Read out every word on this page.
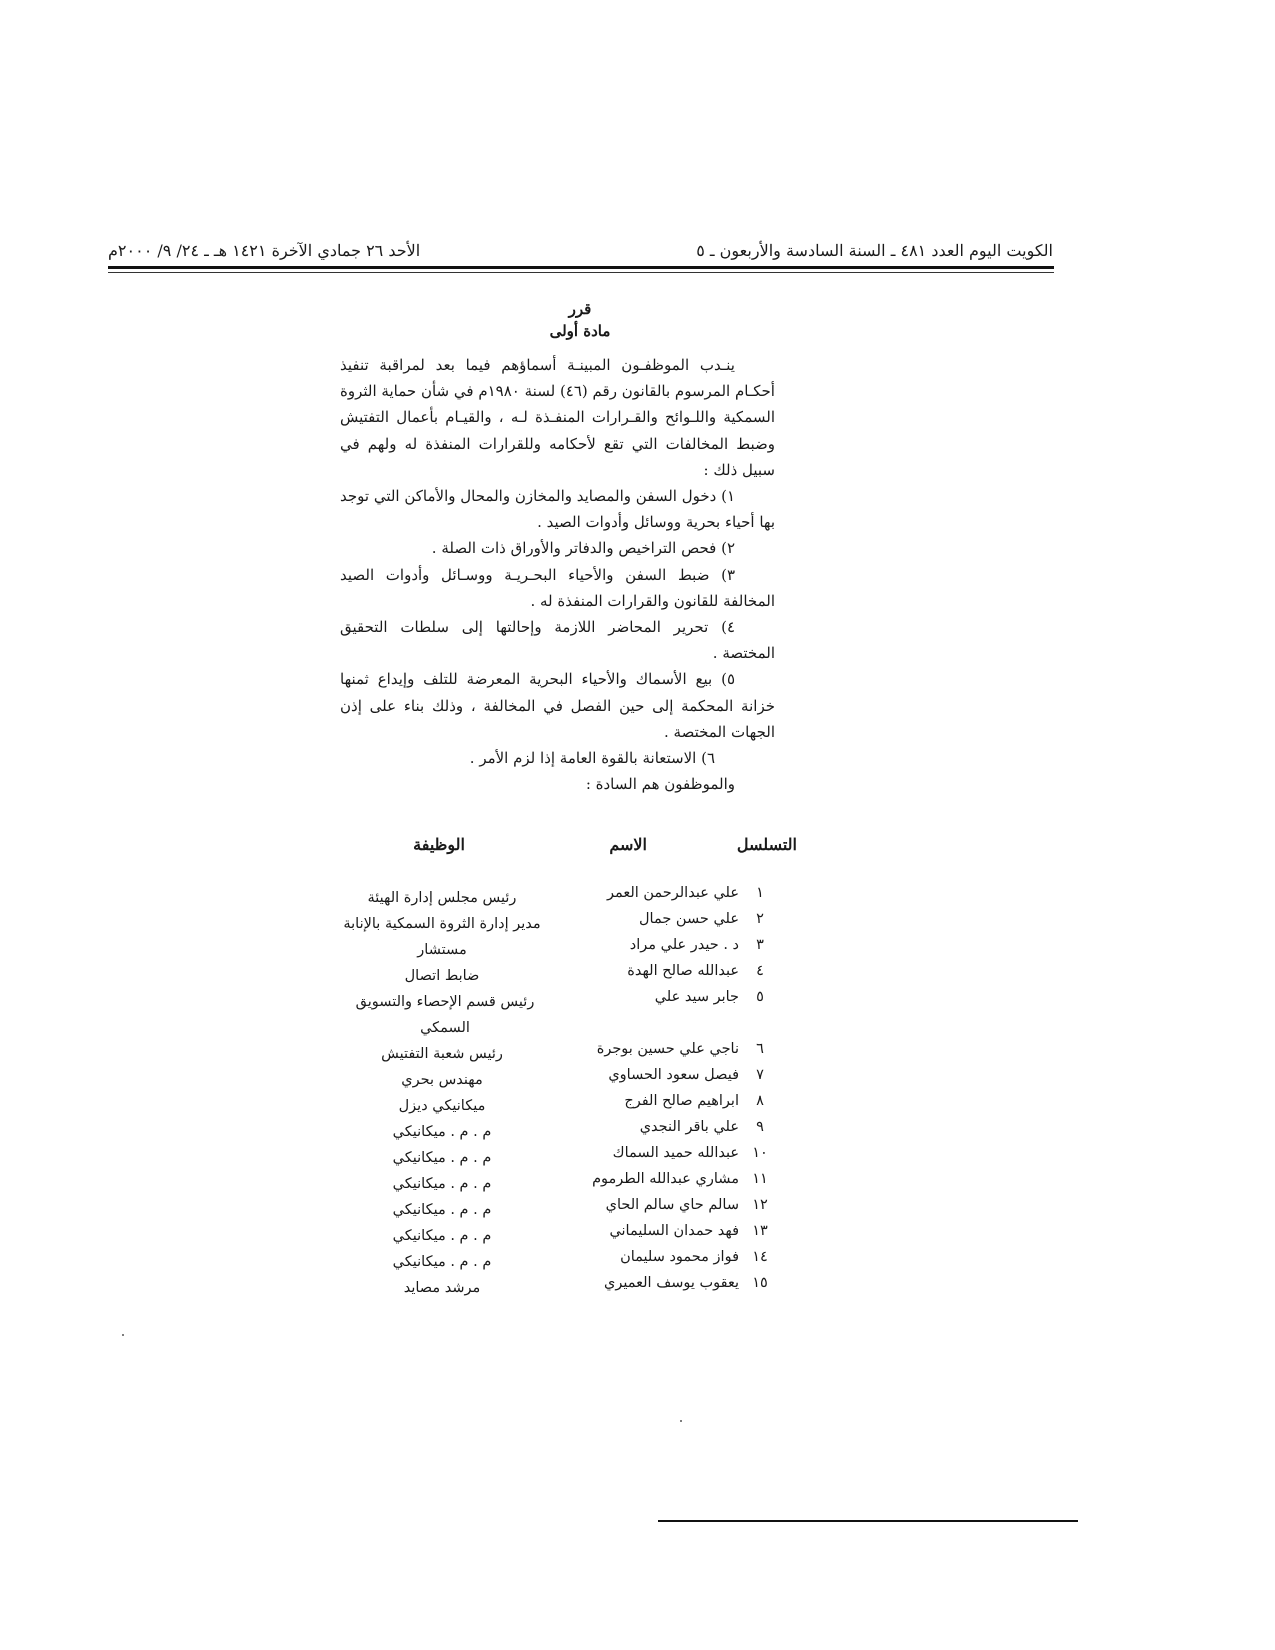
الكويت اليوم العدد ٤٨١ ـ السنة السادسة والأربعون ـ ٥
الأحد ٢٦ جمادي الآخرة ١٤٢١ هـ ـ ٢٤/ ٩/ ٢٠٠٠م
قرر
مادة أولى

ينـدب الموظفـون المبينـة أسماؤهم فيما بعد لمراقبة تنفيذ أحكـام المرسوم بالقانون رقم (٤٦) لسنة ١٩٨٠م في شأن حماية الثروة السمكية واللـوائح والقـرارات المنفـذة لـه ، والقيـام بأعمال التفتيش وضبط المخالفات التي تقع لأحكامه وللقرارات المنفذة له ولهم في سبيل ذلك :

١) دخول السفن والمصايد والمخازن والمحال والأماكن التي توجد بها أحياء بحرية ووسائل وأدوات الصيد .

٢) فحص التراخيص والدفاتر والأوراق ذات الصلة .

٣) ضبط السفن والأحياء البحـريـة ووسـائل وأدوات الصيد المخالفة للقانون والقرارات المنفذة له .

٤) تحرير المحاضر اللازمة وإحالتها إلى سلطات التحقيق المختصة .

٥) بيع الأسماك والأحياء البحرية المعرضة للتلف وإيداع ثمنها خزانة المحكمة إلى حين الفصل في المخالفة ، وذلك بناء على إذن الجهات المختصة .

٦) الاستعانة بالقوة العامة إذا لزم الأمر .

والموظفون هم السادة :

التسلسل
الاسم
الوظيفة
١
علي عبدالرحمن العمر
رئيس مجلس إدارة الهيئة
٢
علي حسن جمال
مدير إدارة الثروة السمكية بالإنابة
٣
د . حيدر علي مراد
مستشار
٤
عبدالله صالح الهدة
ضابط اتصال
٥
جابر سيد علي
رئيس قسم الإحصاء والتسويق السمكي
٦
ناجي علي حسين بوجرة
رئيس شعبة التفتيش
٧
فيصل سعود الحساوي
مهندس بحري
٨
ابراهيم صالح الفرج
ميكانيكي ديزل
٩
علي باقر النجدي
م . م . ميكانيكي
١٠
عبدالله حميد السماك
م . م . ميكانيكي
١١
مشاري عبدالله الطرموم
م . م . ميكانيكي
١٢
سالم حاي سالم الحاي
م . م . ميكانيكي
١٣
فهد حمدان السليماني
م . م . ميكانيكي
١٤
فواز محمود سليمان
م . م . ميكانيكي
١٥
يعقوب يوسف العميري
مرشد مصايد
